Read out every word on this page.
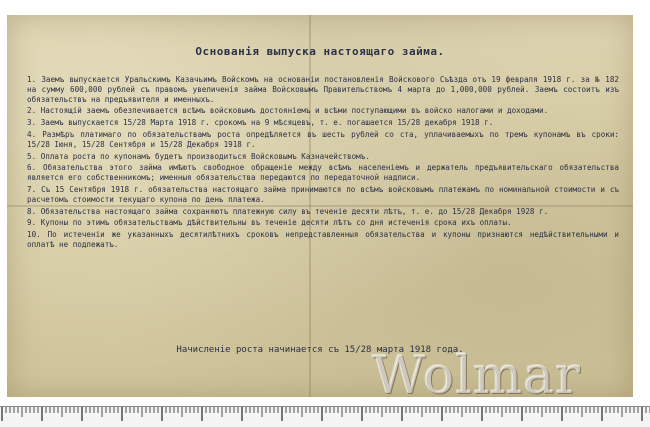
Основанія выпуска настоящаго займа.

1. Заемъ выпускается Уральскимъ Казачьимъ Войскомъ на основаніи постановленія Войскового Съѣзда отъ 19 февраля 1918 г. за № 182 на сумму 600,000 рублей съ правомъ увеличенія займа Войсковымъ Правительствомъ 4 марта до 1,000,000 рублей. Заемъ состоитъ изъ обязательствъ на предъявителя и именныхъ.

2. Настоящій заемъ обезпечивается всѣмъ войсковымъ достояніемъ и всѣми поступающими въ войско налогами и доходами.

3. Заемъ выпускается 15/28 Марта 1918 г. срокомъ на 9 мѣсяцевъ, т. е. погашается 15/28 декабря 1918 г.

4. Размѣръ платимаго по обязательствамъ роста опредѣляется въ шесть рублей со ста, уплачиваемыхъ по тремъ купонамъ въ сроки: 15/28 Іюня, 15/28 Сентября и 15/28 Декабря 1918 г.

5. Оплата роста по купонамъ будетъ производиться Войсковымъ Казначействомъ.

6. Обязательства этого займа имѣютъ свободное обращеніе между всѣмъ населеніемъ и держатель предъявительскаго обязательства является его собственникомъ; именныя обязательства передаются по передаточной надписи.

7. Съ 15 Сентября 1918 г. обязательства настоящаго займа принимаются по всѣмъ войсковымъ платежамъ по номинальной стоимости и съ расчетомъ стоимости текущаго купона по день платежа.

8. Обязательства настоящаго займа сохраняютъ платежную силу въ теченіе десяти лѣтъ, т. е. до 15/28 Декабря 1928 г.

9. Купоны по этимъ обязательствамъ дѣйствительны въ теченіе десяти лѣтъ со дня истеченія срока ихъ оплаты.

10. По истеченіи же указанныхъ десятилѣтнихъ сроковъ непредставленныя обязательства и купоны признаются недѣйствительными и оплатѣ не подлежатъ.

Начисленіе роста начинается съ 15/28 марта 1918 года.
Wolmar
